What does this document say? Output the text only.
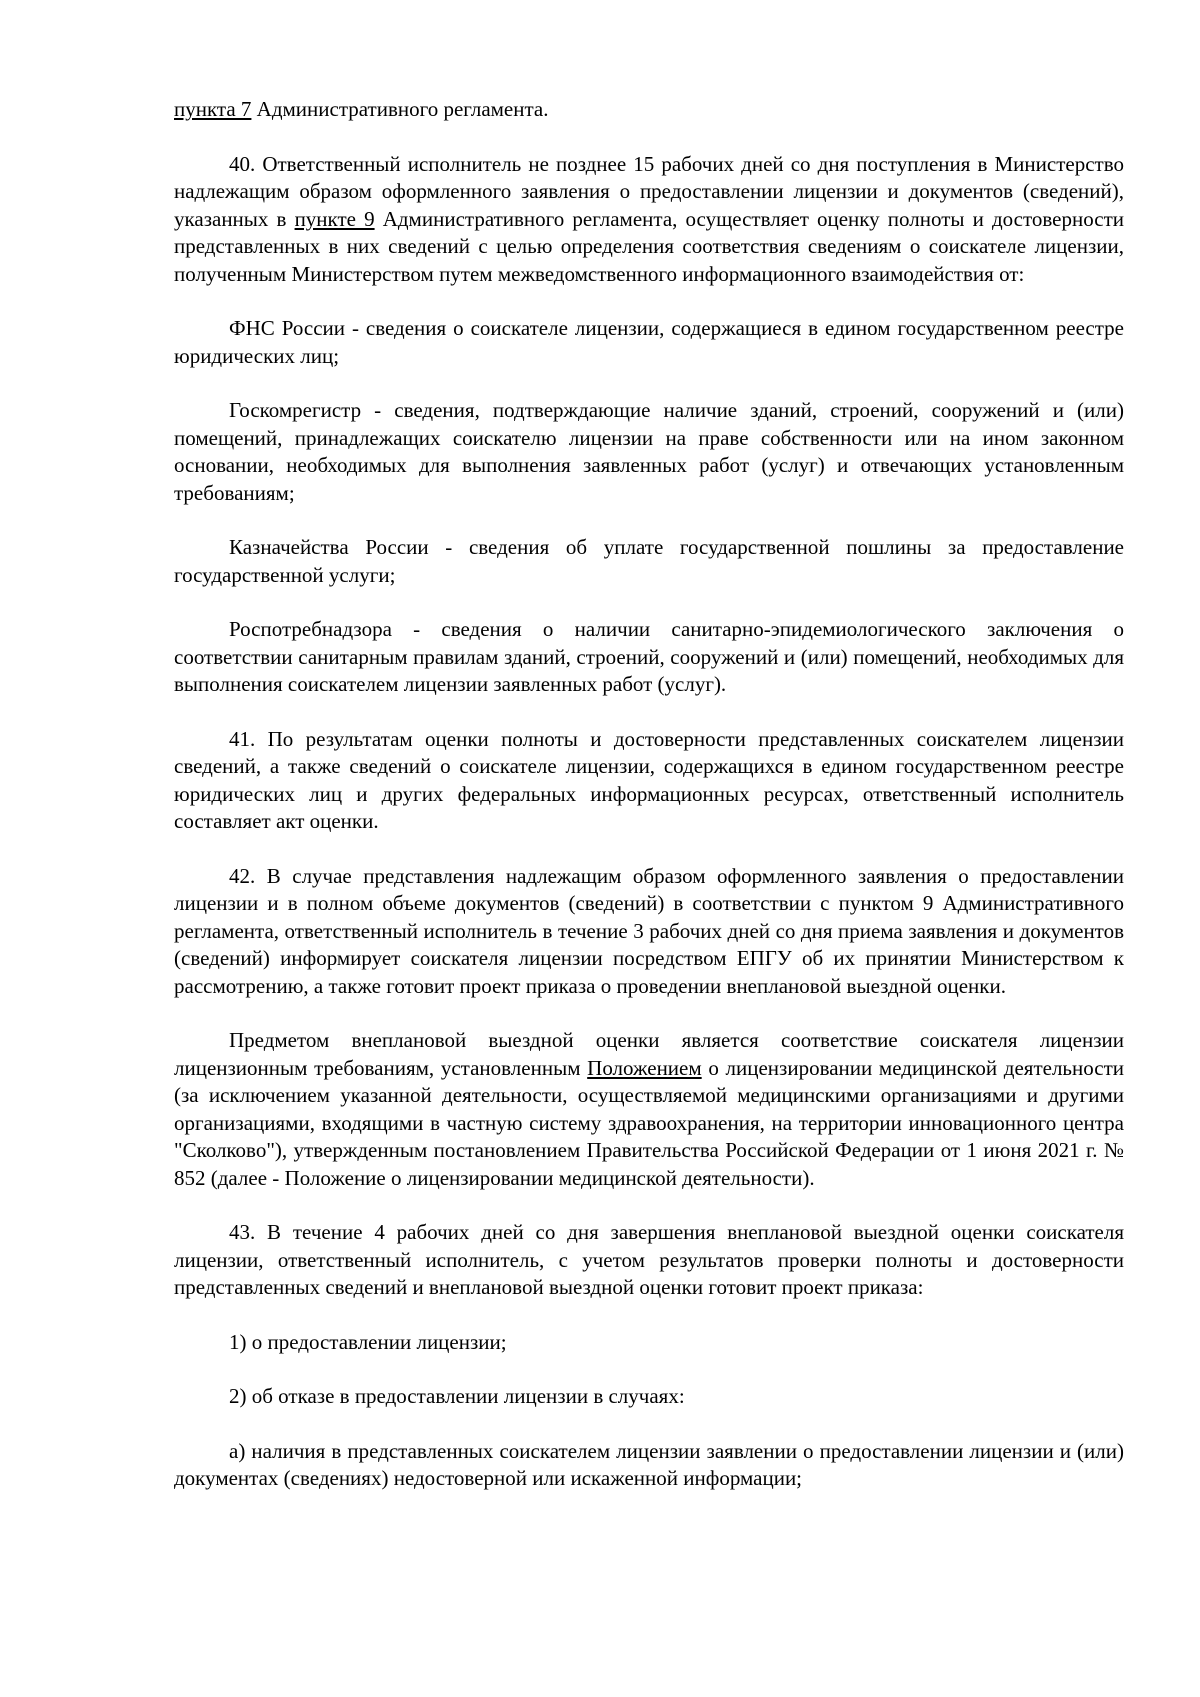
пункта 7 Административного регламента.

40. Ответственный исполнитель не позднее 15 рабочих дней со дня поступления в Министерство надлежащим образом оформленного заявления о предоставлении лицензии и документов (сведений), указанных в пункте 9 Административного регламента, осуществляет оценку полноты и достоверности представленных в них сведений с целью определения соответствия сведениям о соискателе лицензии, полученным Министерством путем межведомственного информационного взаимодействия от:

ФНС России - сведения о соискателе лицензии, содержащиеся в едином государственном реестре юридических лиц;

Госкомрегистр - сведения, подтверждающие наличие зданий, строений, сооружений и (или) помещений, принадлежащих соискателю лицензии на праве собственности или на ином законном основании, необходимых для выполнения заявленных работ (услуг) и отвечающих установленным требованиям;

Казначейства России - сведения об уплате государственной пошлины за предоставление государственной услуги;

Роспотребнадзора - сведения о наличии санитарно-эпидемиологического заключения о соответствии санитарным правилам зданий, строений, сооружений и (или) помещений, необходимых для выполнения соискателем лицензии заявленных работ (услуг).

41. По результатам оценки полноты и достоверности представленных соискателем лицензии сведений, а также сведений о соискателе лицензии, содержащихся в едином государственном реестре юридических лиц и других федеральных информационных ресурсах, ответственный исполнитель составляет акт оценки.

42. В случае представления надлежащим образом оформленного заявления о предоставлении лицензии и в полном объеме документов (сведений) в соответствии с пунктом 9 Административного регламента, ответственный исполнитель в течение 3 рабочих дней со дня приема заявления и документов (сведений) информирует соискателя лицензии посредством ЕПГУ об их принятии Министерством к рассмотрению, а также готовит проект приказа о проведении внеплановой выездной оценки.

Предметом внеплановой выездной оценки является соответствие соискателя лицензии лицензионным требованиям, установленным Положением о лицензировании медицинской деятельности (за исключением указанной деятельности, осуществляемой медицинскими организациями и другими организациями, входящими в частную систему здравоохранения, на территории инновационного центра "Сколково"), утвержденным постановлением Правительства Российской Федерации от 1 июня 2021 г. № 852 (далее - Положение о лицензировании медицинской деятельности).

43. В течение 4 рабочих дней со дня завершения внеплановой выездной оценки соискателя лицензии, ответственный исполнитель, с учетом результатов проверки полноты и достоверности представленных сведений и внеплановой выездной оценки готовит проект приказа:

1) о предоставлении лицензии;

2) об отказе в предоставлении лицензии в случаях:

а) наличия в представленных соискателем лицензии заявлении о предоставлении лицензии и (или) документах (сведениях) недостоверной или искаженной информации;
